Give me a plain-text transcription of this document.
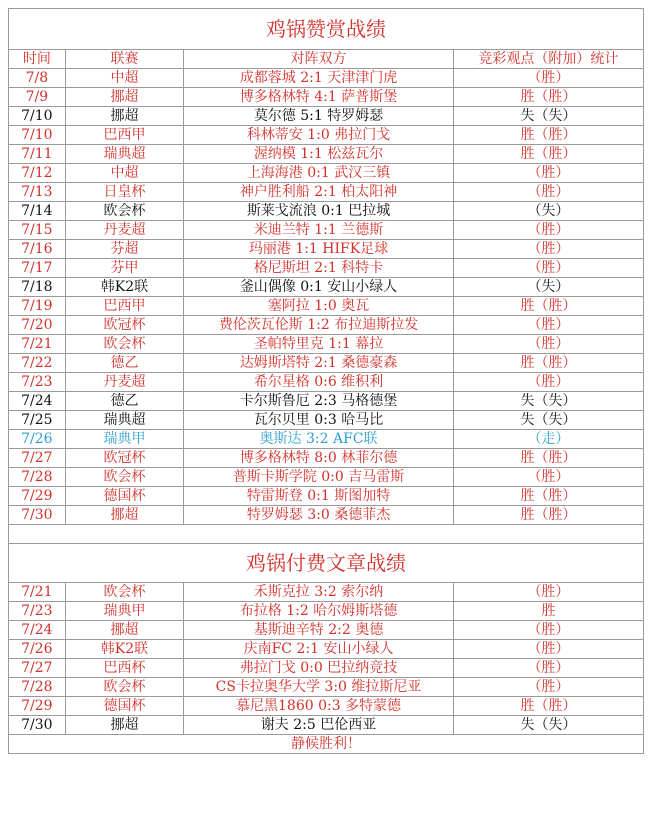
鸡锅赞赏战绩
时间	联赛	对阵双方	竞彩观点（附加）统计
7/8	中超	成都蓉城 2:1 天津津门虎	（胜）
7/9	挪超	博多格林特 4:1 萨普斯堡	胜（胜）
7/10	挪超	莫尔德 5:1 特罗姆瑟	失（失）
7/10	巴西甲	科林蒂安 1:0 弗拉门戈	胜（胜）
7/11	瑞典超	渥纳模 1:1 松兹瓦尔	胜（胜）
7/12	中超	上海海港 0:1 武汉三镇	（胜）
7/13	日皇杯	神户胜利船 2:1 柏太阳神	（胜）
7/14	欧会杯	斯莱戈流浪 0:1 巴拉城	（失）
7/15	丹麦超	米迪兰特 1:1 兰德斯	（胜）
7/16	芬超	玛丽港 1:1 HIFK足球	（胜）
7/17	芬甲	格尼斯坦 2:1 科特卡	（胜）
7/18	韩K2联	釜山偶像 0:1 安山小绿人	（失）
7/19	巴西甲	塞阿拉 1:0 奥瓦	胜（胜）
7/20	欧冠杯	费伦茨瓦伦斯 1:2 布拉迪斯拉发	（胜）
7/21	欧会杯	圣帕特里克 1:1 幕拉	（胜）
7/22	德乙	达姆斯塔特 2:1 桑德豪森	胜（胜）
7/23	丹麦超	希尔星格 0:6 维积利	（胜）
7/24	德乙	卡尔斯鲁厄 2:3 马格德堡	失（失）
7/25	瑞典超	瓦尔贝里 0:3 哈马比	失（失）
7/26	瑞典甲	奥斯达 3:2 AFC联	（走）
7/27	欧冠杯	博多格林特 8:0 林菲尔德	胜（胜）
7/28	欧会杯	普斯卡斯学院 0:0 吉马雷斯	（胜）
7/29	德国杯	特雷斯登 0:1 斯图加特	胜（胜）
7/30	挪超	特罗姆瑟 3:0 桑德菲杰	胜（胜）
鸡锅付费文章战绩
7/21	欧会杯	禾斯克拉 3:2 索尔纳	（胜）
7/23	瑞典甲	布拉格 1:2 哈尔姆斯塔德	胜
7/24	挪超	基斯迪辛特 2:2 奥德	（胜）
7/26	韩K2联	庆南FC 2:1 安山小绿人	（胜）
7/27	巴西杯	弗拉门戈 0:0 巴拉纳竞技	（胜）
7/28	欧会杯	CS卡拉奥华大学 3:0 维拉斯尼亚	（胜）
7/29	德国杯	慕尼黑1860 0:3 多特蒙德	胜（胜）
7/30	挪超	谢夫 2:5 巴伦西亚	失（失）
静候胜利！
